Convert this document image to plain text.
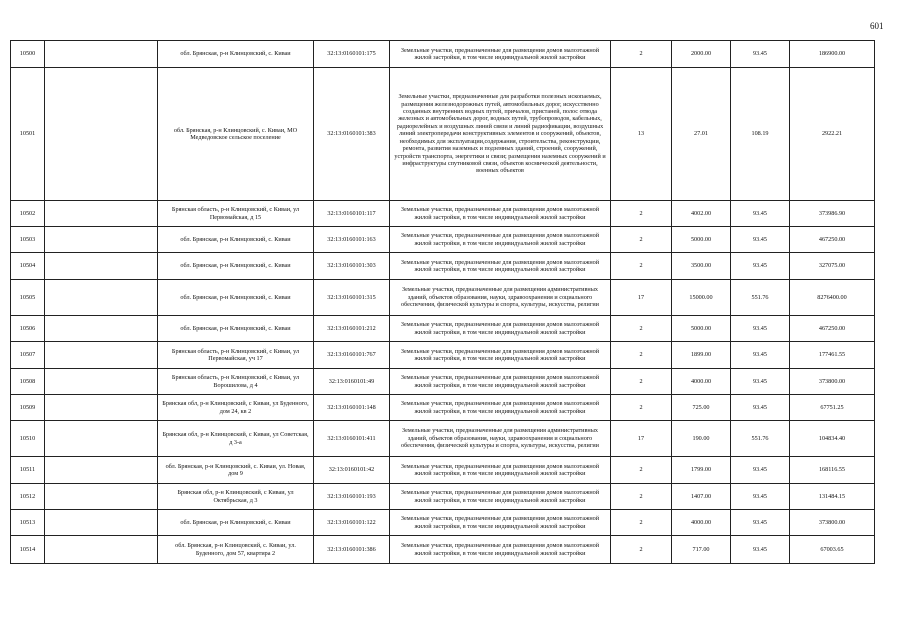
601
10500		обл. Брянская, р-н Клинцовский, с. Киваи	32:13:0160101:175	Земельные участки, предназначенные для размещения домов малоэтажной жилой застройки, в том числе индивидуальной жилой застройки	2	2000.00	93.45	186900.00
10501		обл. Брянская, р-н Клинцовский, с. Киваи, МО Медведовское сельское поселение	32:13:0160101:383	Земельные участки, предназначенные для разработки полезных ископаемых, размещения железнодорожных путей, автомобильных дорог, искусственно созданных внутренних водных путей, причалов, пристаней, полос отвода железных и автомобильных дорог, водных путей, трубопроводов, кабельных, радиорелейных и воздушных линий связи и линий радиофикации, воздушных линий электропередачи конструктивных элементов и сооружений, объектов, необходимых для эксплуатации,содержания, строительства, реконструкции, ремонта, развития наземных и подземных зданий, строений, сооружений, устройств транспорта, энергетики и связи; размещения наземных сооружений и инфраструктуры спутниковой связи, объектов космической деятельности, военных объектов	13	27.01	108.19	2922.21
10502		Брянская область, р-н Клинцовский, с Киваи, ул Первомайская, д 15	32:13:0160101:117	Земельные участки, предназначенные для размещения домов малоэтажной жилой застройки, в том числе индивидуальной жилой застройки	2	4002.00	93.45	373986.90
10503		обл. Брянская, р-н Клинцовский, с. Киваи	32:13:0160101:163	Земельные участки, предназначенные для размещения домов малоэтажной жилой застройки, в том числе индивидуальной жилой застройки	2	5000.00	93.45	467250.00
10504		обл. Брянская, р-н Клинцовский, с. Киваи	32:13:0160101:303	Земельные участки, предназначенные для размещения домов малоэтажной жилой застройки, в том числе индивидуальной жилой застройки	2	3500.00	93.45	327075.00
10505		обл. Брянская, р-н Клинцовский, с. Киваи	32:13:0160101:315	Земельные участки, предназначенные для размещения административных зданий, объектов образования, науки, здравоохранения и социального обеспечения, физической культуры и спорта, культуры, искусства, религии	17	15000.00	551.76	8276400.00
10506		обл. Брянская, р-н Клинцовский, с. Киваи	32:13:0160101:212	Земельные участки, предназначенные для размещения домов малоэтажной жилой застройки, в том числе индивидуальной жилой застройки	2	5000.00	93.45	467250.00
10507		Брянская область, р-н Клинцовский, с Киваи, ул Первомайская, уч 17	32:13:0160101:767	Земельные участки, предназначенные для размещения домов малоэтажной жилой застройки, в том числе индивидуальной жилой застройки	2	1899.00	93.45	177461.55
10508		Брянская область, р-н Клинцовский, с Киваи, ул Ворошилова, д 4	32:13:0160101:49	Земельные участки, предназначенные для размещения домов малоэтажной жилой застройки, в том числе индивидуальной жилой застройки	2	4000.00	93.45	373800.00
10509		Брянская обл, р-н Клинцовский, с Киваи, ул Буденного, дом 24, кв 2	32:13:0160101:148	Земельные участки, предназначенные для размещения домов малоэтажной жилой застройки, в том числе индивидуальной жилой застройки	2	725.00	93.45	67751.25
10510		Брянская обл, р-н Клинцовский, с Киваи, ул Советская, д 3-а	32:13:0160101:411	Земельные участки, предназначенные для размещения административных зданий, объектов образования, науки, здравоохранения и социального обеспечения, физической культуры и спорта, культуры, искусства, религии	17	190.00	551.76	104834.40
10511		обл. Брянская, р-н Клинцовский, с. Киваи, ул. Новая, дом 9	32:13:0160101:42	Земельные участки, предназначенные для размещения домов малоэтажной жилой застройки, в том числе индивидуальной жилой застройки	2	1799.00	93.45	168116.55
10512		Брянская обл, р-н Клинцовский, с Киваи, ул Октябрьская, д 3	32:13:0160101:193	Земельные участки, предназначенные для размещения домов малоэтажной жилой застройки, в том числе индивидуальной жилой застройки	2	1407.00	93.45	131484.15
10513		обл. Брянская, р-н Клинцовский, с. Киваи	32:13:0160101:122	Земельные участки, предназначенные для размещения домов малоэтажной жилой застройки, в том числе индивидуальной жилой застройки	2	4000.00	93.45	373800.00
10514		обл. Брянская, р-н Клинцовский, с. Киваи, ул. Буденного, дом 57, квартира 2	32:13:0160101:386	Земельные участки, предназначенные для размещения домов малоэтажной жилой застройки, в том числе индивидуальной жилой застройки	2	717.00	93.45	67003.65
